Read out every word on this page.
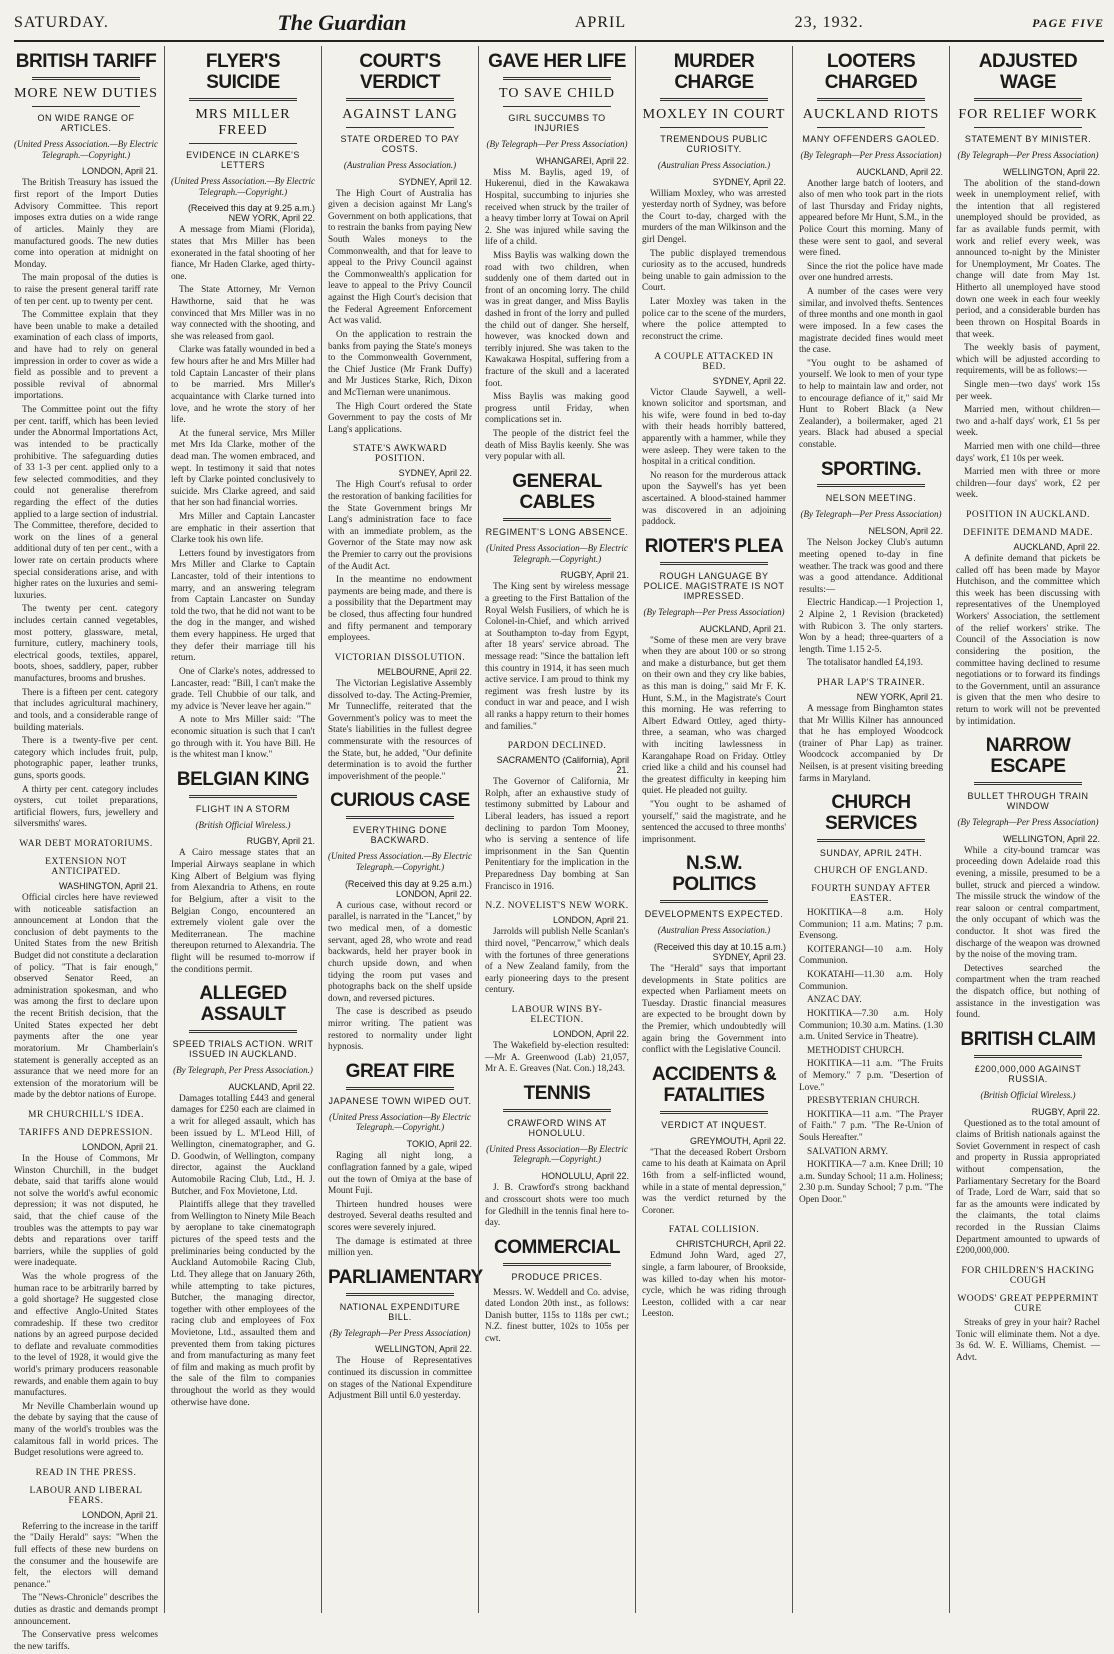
SATURDAY.	The Guardian	APRIL	23, 1932.	PAGE FIVE
BRITISH TARIFF
MORE NEW DUTIES
ON WIDE RANGE OF ARTICLES.
(United Press Association.—By Electric Telegraph.—Copyright.)
LONDON, April 21.

The British Treasury has issued the first report of the Import Duties Advisory Committee. This report imposes extra duties on a wide range of articles. Mainly they are manufactured goods. The new duties come into operation at midnight on Monday.

The main proposal of the duties is to raise the present general tariff rate of ten per cent. up to twenty per cent.

The Committee explain that they have been unable to make a detailed examination of each class of imports, and have had to rely on general impression in order to cover as wide a field as possible and to prevent a possible revival of abnormal importations.

The Committee point out the fifty per cent. tariff, which has been levied under the Abnormal Importations Act, was intended to be practically prohibitive. The safeguarding duties of 33 1-3 per cent. applied only to a few selected commodities, and they could not generalise therefrom regarding the effect of the duties applied to a large section of industrial. The Committee, therefore, decided to work on the lines of a general additional duty of ten per cent., with a lower rate on certain products where special considerations arise, and with higher rates on the luxuries and semi-luxuries.

The twenty per cent. category includes certain canned vegetables, most pottery, glassware, metal, furniture, cutlery, machinery tools, electrical goods, textiles, apparel, boots, shoes, saddlery, paper, rubber manufactures, brooms and brushes.

There is a fifteen per cent. category that includes agricultural machinery, and tools, and a considerable range of building materials.

There is a twenty-five per cent. category which includes fruit, pulp, photographic paper, leather trunks, guns, sports goods.

A thirty per cent. category includes oysters, cut toilet preparations, artificial flowers, furs, jewellery and silversmiths' wares.

WAR DEBT MORATORIUMS.
EXTENSION NOT ANTICIPATED.
WASHINGTON, April 21.

Official circles here have reviewed with noticeable satisfaction an announcement at London that the conclusion of debt payments to the United States from the new British Budget did not constitute a declaration of policy. "That is fair enough," observed Senator Reed, an administration spokesman, and who was among the first to declare upon the recent British decision, that the United States expected her debt payments after the one year moratorium. Mr Chamberlain's statement is generally accepted as an assurance that we need more for an extension of the moratorium will be made by the debtor nations of Europe.

MR CHURCHILL'S IDEA.
TARIFFS AND DEPRESSION.
LONDON, April 21.

In the House of Commons, Mr Winston Churchill, in the budget debate, said that tariffs alone would not solve the world's awful economic depression; it was not disputed, he said, that the chief cause of the troubles was the attempts to pay war debts and reparations over tariff barriers, while the supplies of gold were inadequate.

Was the whole progress of the human race to be arbitrarily barred by a gold shortage? He suggested close and effective Anglo-United States comradeship. If these two creditor nations by an agreed purpose decided to deflate and revaluate commodities to the level of 1928, it would give the world's primary producers reasonable rewards, and enable them again to buy manufactures.

Mr Neville Chamberlain wound up the debate by saying that the cause of many of the world's troubles was the calamitous fall in world prices. The Budget resolutions were agreed to.

READ IN THE PRESS.
LABOUR AND LIBERAL FEARS.
LONDON, April 21.

Referring to the increase in the tariff the "Daily Herald" says: "When the full effects of these new burdens on the consumer and the housewife are felt, the electors will demand penance."

The "News-Chronicle" describes the duties as drastic and demands prompt announcement.

The Conservative press welcomes the new tariffs.

FLYER'S SUICIDE
MRS MILLER FREED
EVIDENCE IN CLARKE'S LETTERS
(United Press Association.—By Electric Telegraph.—Copyright.)
(Received this day at 9.25 a.m.) NEW YORK, April 22.

A message from Miami (Florida), states that Mrs Miller has been exonerated in the fatal shooting of her fiance, Mr Haden Clarke, aged thirty-one.

The State Attorney, Mr Vernon Hawthorne, said that he was convinced that Mrs Miller was in no way connected with the shooting, and she was released from gaol.

Clarke was fatally wounded in bed a few hours after he and Mrs Miller had told Captain Lancaster of their plans to be married. Mrs Miller's acquaintance with Clarke turned into love, and he wrote the story of her life.

At the funeral service, Mrs Miller met Mrs Ida Clarke, mother of the dead man. The women embraced, and wept. In testimony it said that notes left by Clarke pointed conclusively to suicide. Mrs Clarke agreed, and said that her son had financial worries.

Mrs Miller and Captain Lancaster are emphatic in their assertion that Clarke took his own life.

Letters found by investigators from Mrs Miller and Clarke to Captain Lancaster, told of their intentions to marry, and an answering telegram from Captain Lancaster on Sunday told the two, that he did not want to be the dog in the manger, and wished them every happiness. He urged that they defer their marriage till his return.

One of Clarke's notes, addressed to Lancaster, read: "Bill, I can't make the grade. Tell Chubbie of our talk, and my advice is 'Never leave her again.'"

A note to Mrs Miller said: "The economic situation is such that I can't go through with it. You have Bill. He is the whitest man I know."

BELGIAN KING
FLIGHT IN A STORM
(British Official Wireless.)
RUGBY, April 21.

A Cairo message states that an Imperial Airways seaplane in which King Albert of Belgium was flying from Alexandria to Athens, en route for Belgium, after a visit to the Belgian Congo, encountered an extremely violent gale over the Mediterranean. The machine thereupon returned to Alexandria. The flight will be resumed to-morrow if the conditions permit.

ALLEGED ASSAULT
SPEED TRIALS ACTION. WRIT ISSUED IN AUCKLAND.
(By Telegraph, Per Press Association.)
AUCKLAND, April 22.

Damages totalling £443 and general damages for £250 each are claimed in a writ for alleged assault, which has been issued by L. M'Leod Hill, of Wellington, cinematographer, and G. D. Goodwin, of Wellington, company director, against the Auckland Automobile Racing Club, Ltd., H. J. Butcher, and Fox Movietone, Ltd.

Plaintiffs allege that they travelled from Wellington to Ninety Mile Beach by aeroplane to take cinematograph pictures of the speed tests and the preliminaries being conducted by the Auckland Automobile Racing Club, Ltd. They allege that on January 26th, while attempting to take pictures, Butcher, the managing director, together with other employees of the racing club and employees of Fox Movietone, Ltd., assaulted them and prevented them from taking pictures and from manufacturing as many feet of film and making as much profit by the sale of the film to companies throughout the world as they would otherwise have done.

COURT'S VERDICT
AGAINST LANG
STATE ORDERED TO PAY COSTS.
(Australian Press Association.)
SYDNEY, April 12.

The High Court of Australia has given a decision against Mr Lang's Government on both applications, that to restrain the banks from paying New South Wales moneys to the Commonwealth, and that for leave to appeal to the Privy Council against the Commonwealth's application for leave to appeal to the Privy Council against the High Court's decision that the Federal Agreement Enforcement Act was valid.

On the application to restrain the banks from paying the State's moneys to the Commonwealth Government, the Chief Justice (Mr Frank Duffy) and Mr Justices Starke, Rich, Dixon and McTiernan were unanimous.

The High Court ordered the State Government to pay the costs of Mr Lang's applications.

STATE'S AWKWARD POSITION.
SYDNEY, April 22.

The High Court's refusal to order the restoration of banking facilities for the State Government brings Mr Lang's administration face to face with an immediate problem, as the Governor of the State may now ask the Premier to carry out the provisions of the Audit Act.

In the meantime no endowment payments are being made, and there is a possibility that the Department may be closed, thus affecting four hundred and fifty permanent and temporary employees.

VICTORIAN DISSOLUTION.
MELBOURNE, April 22.

The Victorian Legislative Assembly dissolved to-day. The Acting-Premier, Mr Tunnecliffe, reiterated that the Government's policy was to meet the State's liabilities in the fullest degree commensurate with the resources of the State, but, he added, "Our definite determination is to avoid the further impoverishment of the people."

CURIOUS CASE
EVERYTHING DONE BACKWARD.
(United Press Association.—By Electric Telegraph.—Copyright.)
(Received this day at 9.25 a.m.) LONDON, April 22.

A curious case, without record or parallel, is narrated in the "Lancet," by two medical men, of a domestic servant, aged 28, who wrote and read backwards, held her prayer book in church upside down, and when tidying the room put vases and photographs back on the shelf upside down, and reversed pictures.

The case is described as pseudo mirror writing. The patient was restored to normality under light hypnosis.

GREAT FIRE
JAPANESE TOWN WIPED OUT.
(United Press Association—By Electric Telegraph.—Copyright.)
TOKIO, April 22.

Raging all night long, a conflagration fanned by a gale, wiped out the town of Omiya at the base of Mount Fuji.

Thirteen hundred houses were destroyed. Several deaths resulted and scores were severely injured.

The damage is estimated at three million yen.

PARLIAMENTARY
NATIONAL EXPENDITURE BILL.
(By Telegraph—Per Press Association)
WELLINGTON, April 22.

The House of Representatives continued its discussion in committee on stages of the National Expenditure Adjustment Bill until 6.0 yesterday.

GAVE HER LIFE
TO SAVE CHILD
GIRL SUCCUMBS TO INJURIES
(By Telegraph—Per Press Association)
WHANGAREI, April 22.

Miss M. Baylis, aged 19, of Hukerenui, died in the Kawakawa Hospital, succumbing to injuries she received when struck by the trailer of a heavy timber lorry at Towai on April 2. She was injured while saving the life of a child.

Miss Baylis was walking down the road with two children, when suddenly one of them darted out in front of an oncoming lorry. The child was in great danger, and Miss Baylis dashed in front of the lorry and pulled the child out of danger. She herself, however, was knocked down and terribly injured. She was taken to the Kawakawa Hospital, suffering from a fracture of the skull and a lacerated foot.

Miss Baylis was making good progress until Friday, when complications set in.

The people of the district feel the death of Miss Baylis keenly. She was very popular with all.

GENERAL CABLES
REGIMENT'S LONG ABSENCE.
(United Press Association—By Electric Telegraph.—Copyright.)
RUGBY, April 21.

The King sent by wireless message a greeting to the First Battalion of the Royal Welsh Fusiliers, of which he is Colonel-in-Chief, and which arrived at Southampton to-day from Egypt, after 18 years' service abroad. The message read: "Since the battalion left this country in 1914, it has seen much active service. I am proud to think my regiment was fresh lustre by its conduct in war and peace, and I wish all ranks a happy return to their homes and families."

PARDON DECLINED.
SACRAMENTO (California), April 21.

The Governor of California, Mr Rolph, after an exhaustive study of testimony submitted by Labour and Liberal leaders, has issued a report declining to pardon Tom Mooney, who is serving a sentence of life imprisonment in the San Quentin Penitentiary for the implication in the Preparedness Day bombing at San Francisco in 1916.

N.Z. NOVELIST'S NEW WORK.
LONDON, April 21.

Jarrolds will publish Nelle Scanlan's third novel, "Pencarrow," which deals with the fortunes of three generations of a New Zealand family, from the early pioneering days to the present century.

LABOUR WINS BY-ELECTION.
LONDON, April 22.

The Wakefield by-election resulted:—Mr A. Greenwood (Lab) 21,057, Mr A. E. Greaves (Nat. Con.) 18,243.

TENNIS
CRAWFORD WINS AT HONOLULU.
(United Press Association—By Electric Telegraph.—Copyright.)
HONOLULU, April 22.

J. B. Crawford's strong backhand and crosscourt shots were too much for Gledhill in the tennis final here to-day.

COMMERCIAL
PRODUCE PRICES.

Messrs. W. Weddell and Co. advise, dated London 20th inst., as follows: Danish butter, 115s to 118s per cwt.; N.Z. finest butter, 102s to 105s per cwt.

MURDER CHARGE
MOXLEY IN COURT
TREMENDOUS PUBLIC CURIOSITY.
(Australian Press Association.)
SYDNEY, April 22.

William Moxley, who was arrested yesterday north of Sydney, was before the Court to-day, charged with the murders of the man Wilkinson and the girl Dengel.

The public displayed tremendous curiosity as to the accused, hundreds being unable to gain admission to the Court.

Later Moxley was taken in the police car to the scene of the murders, where the police attempted to reconstruct the crime.

A COUPLE ATTACKED IN BED.
SYDNEY, April 22.

Victor Claude Saywell, a well-known solicitor and sportsman, and his wife, were found in bed to-day with their heads horribly battered, apparently with a hammer, while they were asleep. They were taken to the hospital in a critical condition.

No reason for the murderous attack upon the Saywell's has yet been ascertained. A blood-stained hammer was discovered in an adjoining paddock.

RIOTER'S PLEA
ROUGH LANGUAGE BY POLICE. MAGISTRATE IS NOT IMPRESSED.
(By Telegraph—Per Press Association)
AUCKLAND, April 21.

"Some of these men are very brave when they are about 100 or so strong and make a disturbance, but get them on their own and they cry like babies, as this man is doing," said Mr F. K. Hunt, S.M., in the Magistrate's Court this morning. He was referring to Albert Edward Ottley, aged thirty-three, a seaman, who was charged with inciting lawlessness in Karangahape Road on Friday. Ottley cried like a child and his counsel had the greatest difficulty in keeping him quiet. He pleaded not guilty.

"You ought to be ashamed of yourself," said the magistrate, and he sentenced the accused to three months' imprisonment.

N.S.W. POLITICS
DEVELOPMENTS EXPECTED.
(Australian Press Association.)
(Received this day at 10.15 a.m.) SYDNEY, April 23.

The "Herald" says that important developments in State politics are expected when Parliament meets on Tuesday. Drastic financial measures are expected to be brought down by the Premier, which undoubtedly will again bring the Government into conflict with the Legislative Council.

ACCIDENTS & FATALITIES
VERDICT AT INQUEST.
GREYMOUTH, April 22.

"That the deceased Robert Orsborn came to his death at Kaimata on April 16th from a self-inflicted wound, while in a state of mental depression," was the verdict returned by the Coroner.

FATAL COLLISION.
CHRISTCHURCH, April 22.

Edmund John Ward, aged 27, single, a farm labourer, of Brookside, was killed to-day when his motor-cycle, which he was riding through Leeston, collided with a car near Leeston.

LOOTERS CHARGED
AUCKLAND RIOTS
MANY OFFENDERS GAOLED.
(By Telegraph—Per Press Association)
AUCKLAND, April 22.

Another large batch of looters, and also of men who took part in the riots of last Thursday and Friday nights, appeared before Mr Hunt, S.M., in the Police Court this morning. Many of these were sent to gaol, and several were fined.

Since the riot the police have made over one hundred arrests.

A number of the cases were very similar, and involved thefts. Sentences of three months and one month in gaol were imposed. In a few cases the magistrate decided fines would meet the case.

"You ought to be ashamed of yourself. We look to men of your type to help to maintain law and order, not to encourage defiance of it," said Mr Hunt to Robert Black (a New Zealander), a boilermaker, aged 21 years. Black had abused a special constable.

SPORTING.
NELSON MEETING.
(By Telegraph—Per Press Association)
NELSON, April 22.

The Nelson Jockey Club's autumn meeting opened to-day in fine weather. The track was good and there was a good attendance. Additional results:—

Electric Handicap.—1 Projection 1, 2 Alpine 2, 1 Revision (bracketed) with Rubicon 3. The only starters. Won by a head; three-quarters of a length. Time 1.15 2-5.

The totalisator handled £4,193.

PHAR LAP'S TRAINER.
NEW YORK, April 21.

A message from Binghamton states that Mr Willis Kilner has announced that he has employed Woodcock (trainer of Phar Lap) as trainer. Woodcock accompanied by Dr Neilsen, is at present visiting breeding farms in Maryland.

CHURCH SERVICES
SUNDAY, APRIL 24TH.
CHURCH OF ENGLAND.
FOURTH SUNDAY AFTER EASTER.

HOKITIKA—8 a.m. Holy Communion; 11 a.m. Matins; 7 p.m. Evensong.

KOITERANGI—10 a.m. Holy Communion.

KOKATAHI—11.30 a.m. Holy Communion.

ANZAC DAY.

HOKITIKA—7.30 a.m. Holy Communion; 10.30 a.m. Matins. (1.30 a.m. United Service in Theatre).

METHODIST CHURCH.

HOKITIKA—11 a.m. "The Fruits of Memory." 7 p.m. "Desertion of Love."

PRESBYTERIAN CHURCH.

HOKITIKA—11 a.m. "The Prayer of Faith." 7 p.m. "The Re-Union of Souls Hereafter."

SALVATION ARMY.

HOKITIKA—7 a.m. Knee Drill; 10 a.m. Sunday School; 11 a.m. Holiness; 2.30 p.m. Sunday School; 7 p.m. "The Open Door."

ADJUSTED WAGE
FOR RELIEF WORK
STATEMENT BY MINISTER.
(By Telegraph—Per Press Association)
WELLINGTON, April 22.

The abolition of the stand-down week in unemployment relief, with the intention that all registered unemployed should be provided, as far as available funds permit, with work and relief every week, was announced to-night by the Minister for Unemployment, Mr Coates. The change will date from May 1st. Hitherto all unemployed have stood down one week in each four weekly period, and a considerable burden has been thrown on Hospital Boards in that week.

The weekly basis of payment, which will be adjusted according to requirements, will be as follows:—

Single men—two days' work 15s per week.

Married men, without children—two and a-half days' work, £1 5s per week.

Married men with one child—three days' work, £1 10s per week.

Married men with three or more children—four days' work, £2 per week.

POSITION IN AUCKLAND.
DEFINITE DEMAND MADE.
AUCKLAND, April 22.

A definite demand that pickets be called off has been made by Mayor Hutchison, and the committee which this week has been discussing with representatives of the Unemployed Workers' Association, the settlement of the relief workers' strike. The Council of the Association is now considering the position, the committee having declined to resume negotiations or to forward its findings to the Government, until an assurance is given that the men who desire to return to work will not be prevented by intimidation.

NARROW ESCAPE
BULLET THROUGH TRAIN WINDOW
(By Telegraph—Per Press Association)
WELLINGTON, April 22.

While a city-bound tramcar was proceeding down Adelaide road this evening, a missile, presumed to be a bullet, struck and pierced a window. The missile struck the window of the rear saloon or central compartment, the only occupant of which was the conductor. It shot was fired the discharge of the weapon was drowned by the noise of the moving tram.

Detectives searched the compartment when the tram reached the dispatch office, but nothing of assistance in the investigation was found.

BRITISH CLAIM
£200,000,000 AGAINST RUSSIA.
(British Official Wireless.)
RUGBY, April 22.

Questioned as to the total amount of claims of British nationals against the Soviet Government in respect of cash and property in Russia appropriated without compensation, the Parliamentary Secretary for the Board of Trade, Lord de Warr, said that so far as the amounts were indicated by the claimants, the total claims recorded in the Russian Claims Department amounted to upwards of £200,000,000.

FOR CHILDREN'S HACKING COUGH
WOODS' GREAT PEPPERMINT CURE

Streaks of grey in your hair? Rachel Tonic will eliminate them. Not a dye. 3s 6d. W. E. Williams, Chemist. —Advt.
